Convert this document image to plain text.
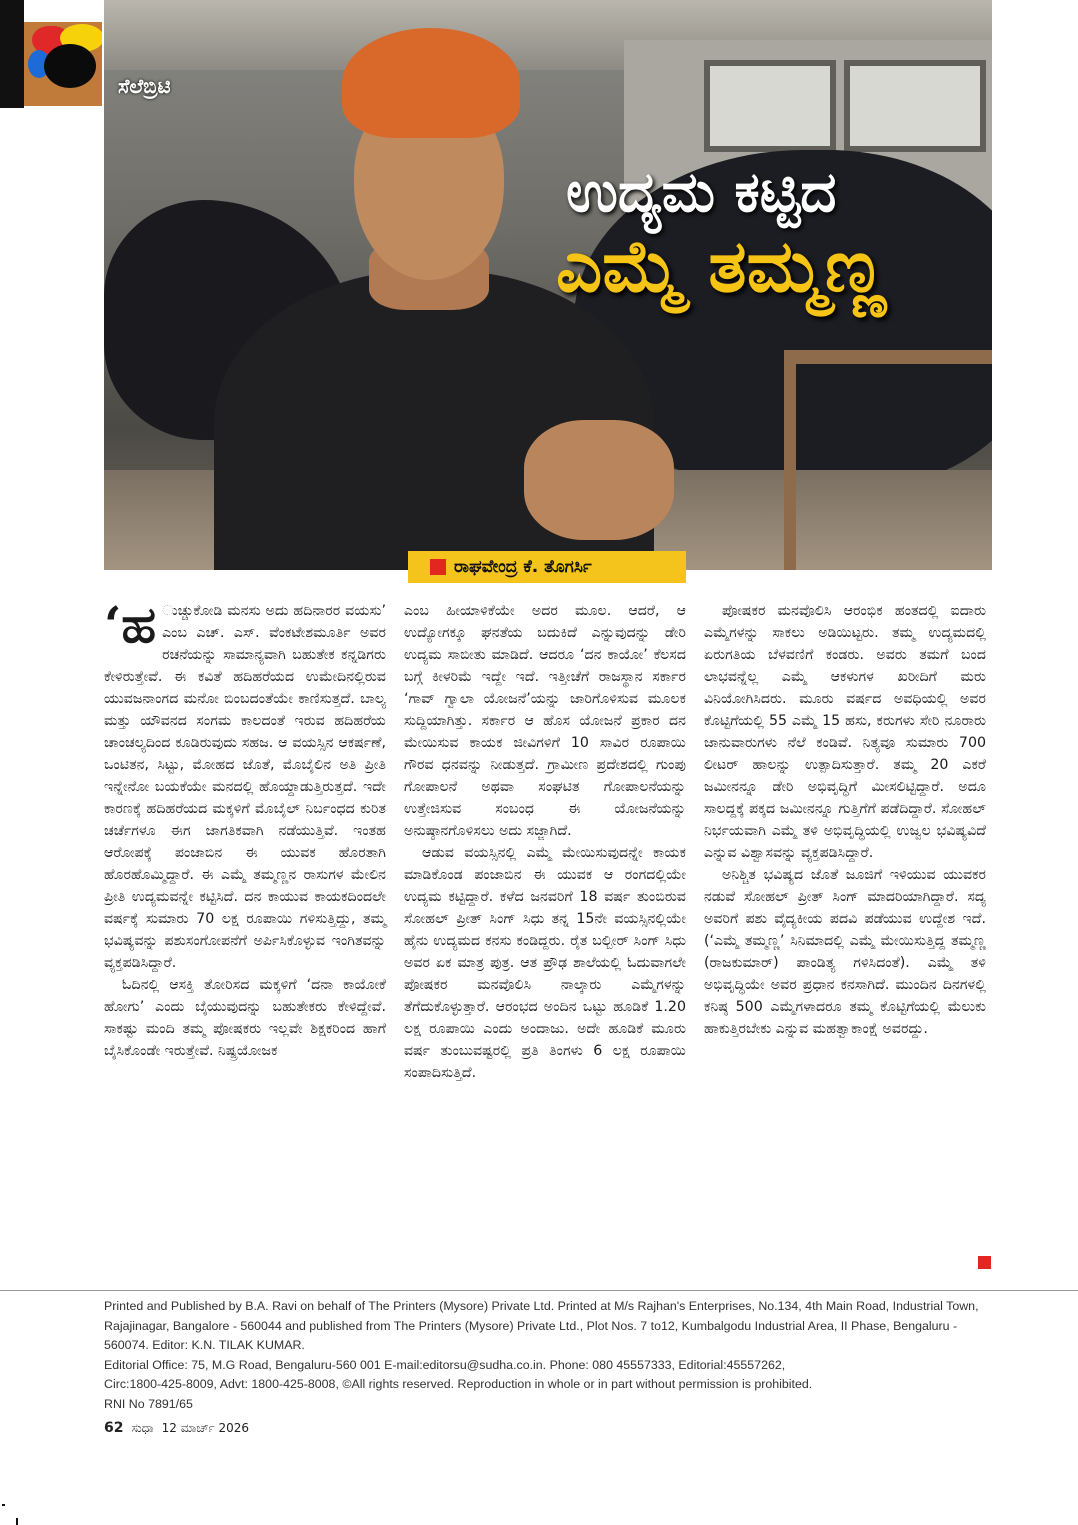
ಸೆಲೆಬ್ರಿಟಿ
ಉದ್ಯಮ ಕಟ್ಟಿದ
ಎಮ್ಮೆ ತಮ್ಮಣ್ಣ
ರಾಘವೇಂದ್ರ ಕೆ. ತೊಗರ್ಸಿ

‘ಹ ುಚ್ಚುಕೋಡಿ ಮನಸು ಅದು ಹದಿನಾರರ ವಯಸು’ ಎಂಬ ಎಚ್. ಎಸ್. ವೆಂಕಟೇಶಮೂರ್ತಿ ಅವರ ರಚನೆಯನ್ನು ಸಾಮಾನ್ಯವಾಗಿ ಬಹುತೇಕ ಕನ್ನಡಿಗರು ಕೇಳಿರುತ್ತೇವೆ. ಈ ಕವಿತೆ ಹದಿಹರೆಯದ ಉಮೇದಿನಲ್ಲಿರುವ ಯುವಜನಾಂಗದ ಮನೋ ಬಿಂಬದಂತೆಯೇ ಕಾಣಿಸುತ್ತದೆ. ಬಾಲ್ಯ ಮತ್ತು ಯೌವನದ ಸಂಗಮ ಕಾಲದಂತೆ ಇರುವ ಹದಿಹರೆಯ ಚಾಂಚಲ್ಯದಿಂದ ಕೂಡಿರುವುದು ಸಹಜ. ಆ ವಯಸ್ಸಿನ ಆಕರ್ಷಣೆ, ಒಂಟಿತನ, ಸಿಟ್ಟು, ಮೋಹದ ಜೊತೆ, ಮೊಬೈಲಿನ ಅತಿ ಪ್ರೀತಿ ಇನ್ನೇನೋ ಬಯಕೆಯೇ ಮನದಲ್ಲಿ ಹೊಯ್ದಾಡುತ್ತಿರುತ್ತದೆ. ಇದೇ ಕಾರಣಕ್ಕೆ ಹದಿಹರೆಯದ ಮಕ್ಕಳಿಗೆ ಮೊಬೈಲ್ ನಿರ್ಬಂಧದ ಕುರಿತ ಚರ್ಚೆಗಳೂ ಈಗ ಜಾಗತಿಕವಾಗಿ ನಡೆಯುತ್ತಿವೆ. ಇಂತಹ ಆರೋಪಕ್ಕೆ ಪಂಜಾಬಿನ ಈ ಯುವಕ ಹೊರತಾಗಿ ಹೊರಹೊಮ್ಮಿದ್ದಾರೆ. ಈ ಎಮ್ಮೆ ತಮ್ಮಣ್ಣನ ರಾಸುಗಳ ಮೇಲಿನ ಪ್ರೀತಿ ಉದ್ಯಮವನ್ನೇ ಕಟ್ಟಿಸಿದೆ. ದನ ಕಾಯುವ ಕಾಯಕದಿಂದಲೇ ವರ್ಷಕ್ಕೆ ಸುಮಾರು 70 ಲಕ್ಷ ರೂಪಾಯಿ ಗಳಿಸುತ್ತಿದ್ದು, ತಮ್ಮ ಭವಿಷ್ಯವನ್ನು ಪಶುಸಂಗೋಪನೆಗೆ ಅರ್ಪಿಸಿಕೊಳ್ಳುವ ಇಂಗಿತವನ್ನು ವ್ಯಕ್ತಪಡಿಸಿದ್ದಾರೆ.

ಓದಿನಲ್ಲಿ ಆಸಕ್ತಿ ತೋರಿಸದ ಮಕ್ಕಳಿಗೆ ‘ದನಾ ಕಾಯೋಕೆ ಹೋಗು’ ಎಂದು ಬೈಯುವುದನ್ನು ಬಹುತೇಕರು ಕೇಳಿದ್ದೇವೆ. ಸಾಕಷ್ಟು ಮಂದಿ ತಮ್ಮ ಪೋಷಕರು ಇಲ್ಲವೇ ಶಿಕ್ಷಕರಿಂದ ಹಾಗೆ ಬೈಸಿಕೊಂಡೇ ಇರುತ್ತೇವೆ. ನಿಷ್ಪ್ರಯೋಜಕ

ಎಂಬ ಹೀಯಾಳಿಕೆಯೇ ಅದರ ಮೂಲ. ಆದರೆ, ಆ ಉದ್ಯೋಗಕ್ಕೂ ಘನತೆಯ ಬದುಕಿದೆ ಎನ್ನುವುದನ್ನು ಡೇರಿ ಉದ್ಯಮ ಸಾಬೀತು ಮಾಡಿದೆ. ಆದರೂ ‘ದನ ಕಾಯೋ’ ಕೆಲಸದ ಬಗ್ಗೆ ಕೀಳರಿಮೆ ಇದ್ದೇ ಇದೆ. ಇತ್ತೀಚೆಗೆ ರಾಜಸ್ಥಾನ ಸರ್ಕಾರ ‘ಗಾವ್ ಗ್ವಾಲಾ ಯೋಜನೆ’ಯನ್ನು ಜಾರಿಗೊಳಿಸುವ ಮೂಲಕ ಸುದ್ದಿಯಾಗಿತ್ತು. ಸರ್ಕಾರ ಆ ಹೊಸ ಯೋಜನೆ ಪ್ರಕಾರ ದನ ಮೇಯಿಸುವ ಕಾಯಕ ಜೀವಿಗಳಿಗೆ 10 ಸಾವಿರ ರೂಪಾಯಿ ಗೌರವ ಧನವನ್ನು ನೀಡುತ್ತದೆ. ಗ್ರಾಮೀಣ ಪ್ರದೇಶದಲ್ಲಿ ಗುಂಪು ಗೋಪಾಲನೆ ಅಥವಾ ಸಂಘಟಿತ ಗೋಪಾಲನೆಯನ್ನು ಉತ್ತೇಜಿಸುವ ಸಂಬಂಧ ಈ ಯೋಜನೆಯನ್ನು ಅನುಷ್ಠಾನಗೊಳಿಸಲು ಅದು ಸಜ್ಜಾಗಿದೆ.

ಆಡುವ ವಯಸ್ಸಿನಲ್ಲಿ ಎಮ್ಮೆ ಮೇಯಿಸುವುದನ್ನೇ ಕಾಯಕ ಮಾಡಿಕೊಂಡ ಪಂಜಾಬಿನ ಈ ಯುವಕ ಆ ರಂಗದಲ್ಲಿಯೇ ಉದ್ಯಮ ಕಟ್ಟಿದ್ದಾರೆ. ಕಳೆದ ಜನವರಿಗೆ 18 ವರ್ಷ ತುಂಬಿರುವ ಸೋಹಲ್ ಪ್ರೀತ್ ಸಿಂಗ್ ಸಿಧು ತನ್ನ 15ನೇ ವಯಸ್ಸಿನಲ್ಲಿಯೇ ಹೈನು ಉದ್ಯಮದ ಕನಸು ಕಂಡಿದ್ದರು. ರೈತ ಬಲ್ಬೀರ್ ಸಿಂಗ್ ಸಿಧು ಅವರ ಏಕ ಮಾತ್ರ ಪುತ್ರ. ಆತ ಪ್ರೌಢ ಶಾಲೆಯಲ್ಲಿ ಓದುವಾಗಲೇ ಪೋಷಕರ ಮನವೊಲಿಸಿ ನಾಲ್ಕಾರು ಎಮ್ಮೆಗಳನ್ನು ತೆಗೆದುಕೊಳ್ಳುತ್ತಾರೆ. ಆರಂಭದ ಅಂದಿನ ಒಟ್ಟು ಹೂಡಿಕೆ 1.20 ಲಕ್ಷ ರೂಪಾಯಿ ಎಂದು ಅಂದಾಜು. ಅದೇ ಹೂಡಿಕೆ ಮೂರು ವರ್ಷ ತುಂಬುವಷ್ಟರಲ್ಲಿ ಪ್ರತಿ ತಿಂಗಳು 6 ಲಕ್ಷ ರೂಪಾಯಿ ಸಂಪಾದಿಸುತ್ತಿದೆ.

ಪೋಷಕರ ಮನವೊಲಿಸಿ ಆರಂಭಿಕ ಹಂತದಲ್ಲಿ ಐದಾರು ಎಮ್ಮೆಗಳನ್ನು ಸಾಕಲು ಅಡಿಯಿಟ್ಟರು. ತಮ್ಮ ಉದ್ಯಮದಲ್ಲಿ ಏರುಗತಿಯ ಬೆಳವಣಿಗೆ ಕಂಡರು. ಅವರು ತಮಗೆ ಬಂದ ಲಾಭವನ್ನೆಲ್ಲ ಎಮ್ಮೆ ಆಕಳುಗಳ ಖರೀದಿಗೆ ಮರು ವಿನಿಯೋಗಿಸಿದರು. ಮೂರು ವರ್ಷದ ಅವಧಿಯಲ್ಲಿ ಅವರ ಕೊಟ್ಟಿಗೆಯಲ್ಲಿ 55 ಎಮ್ಮೆ 15 ಹಸು, ಕರುಗಳು ಸೇರಿ ನೂರಾರು ಜಾನುವಾರುಗಳು ನೆಲೆ ಕಂಡಿವೆ. ನಿತ್ಯವೂ ಸುಮಾರು 700 ಲೀಟರ್ ಹಾಲನ್ನು ಉತ್ಪಾದಿಸುತ್ತಾರೆ. ತಮ್ಮ 20 ಎಕರೆ ಜಮೀನನ್ನೂ ಡೇರಿ ಅಭಿವೃದ್ಧಿಗೆ ಮೀಸಲಿಟ್ಟಿದ್ದಾರೆ. ಅದೂ ಸಾಲದ್ದಕ್ಕೆ ಪಕ್ಕದ ಜಮೀನನ್ನೂ ಗುತ್ತಿಗೆಗೆ ಪಡೆದಿದ್ದಾರೆ. ಸೋಹಲ್ ನಿರ್ಭಯವಾಗಿ ಎಮ್ಮೆ ತಳಿ ಅಭಿವೃದ್ಧಿಯಲ್ಲಿ ಉಜ್ವಲ ಭವಿಷ್ಯವಿದೆ ಎನ್ನುವ ವಿಶ್ವಾಸವನ್ನು ವ್ಯಕ್ತಪಡಿಸಿದ್ದಾರೆ.

ಅನಿಶ್ಚಿತ ಭವಿಷ್ಯದ ಜೊತೆ ಜೂಜಿಗೆ ಇಳಿಯುವ ಯುವಕರ ನಡುವೆ ಸೋಹಲ್ ಪ್ರೀತ್ ಸಿಂಗ್ ಮಾದರಿಯಾಗಿದ್ದಾರೆ. ಸದ್ಯ ಅವರಿಗೆ ಪಶು ವೈದ್ಯಕೀಯ ಪದವಿ ಪಡೆಯುವ ಉದ್ದೇಶ ಇದೆ. (‘ಎಮ್ಮೆ ತಮ್ಮಣ್ಣ’ ಸಿನಿಮಾದಲ್ಲಿ ಎಮ್ಮೆ ಮೇಯಿಸುತ್ತಿದ್ದ ತಮ್ಮಣ್ಣ (ರಾಜಕುಮಾರ್) ಪಾಂಡಿತ್ಯ ಗಳಿಸಿದಂತೆ). ಎಮ್ಮೆ ತಳಿ ಅಭಿವೃದ್ಧಿಯೇ ಅವರ ಪ್ರಧಾನ ಕನಸಾಗಿದೆ. ಮುಂದಿನ ದಿನಗಳಲ್ಲಿ ಕನಿಷ್ಠ 500 ಎಮ್ಮೆಗಳಾದರೂ ತಮ್ಮ ಕೊಟ್ಟಿಗೆಯಲ್ಲಿ ಮೆಲುಕು ಹಾಕುತ್ತಿರಬೇಕು ಎನ್ನುವ ಮಹತ್ವಾಕಾಂಕ್ಷೆ ಅವರದ್ದು.

Printed and Published by B.A. Ravi on behalf of The Printers (Mysore) Private Ltd. Printed at M/s Rajhan's Enterprises, No.134, 4th Main Road, Industrial Town, Rajajinagar, Bangalore - 560044 and published from The Printers (Mysore) Private Ltd., Plot Nos. 7 to12, Kumbalgodu Industrial Area, II Phase, Bengaluru - 560074. Editor: K.N. TILAK KUMAR.
Editorial Office: 75, M.G Road, Bengaluru-560 001 E-mail:editorsu@sudha.co.in. Phone: 080 45557333, Editorial:45557262,
Circ:1800-425-8009, Advt: 1800-425-8008, ©All rights reserved. Reproduction in whole or in part without permission is prohibited.
RNI No 7891/65
62 ಸುಧಾ 12 ಮಾರ್ಚ್ 2026
